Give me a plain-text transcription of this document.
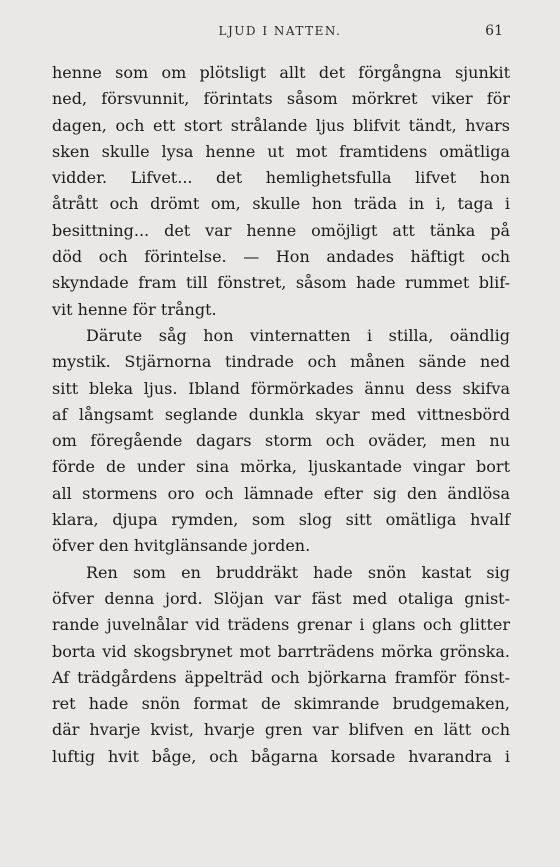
LJUD I NATTEN.	61
henne som om plötsligt allt det förgångna sjunkit
ned, försvunnit, förintats såsom mörkret viker för
dagen, och ett stort strålande ljus blifvit tändt, hvars
sken skulle lysa henne ut mot framtidens omätliga
vidder. Lifvet... det hemlighetsfulla lifvet hon
åtrått och drömt om, skulle hon träda in i, taga i
besittning... det var henne omöjligt att tänka på
död och förintelse. — Hon andades häftigt och
skyndade fram till fönstret, såsom hade rummet blif-
vit henne för trångt.
Därute såg hon vinternatten i stilla, oändlig
mystik. Stjärnorna tindrade och månen sände ned
sitt bleka ljus. Ibland förmörkades ännu dess skifva
af långsamt seglande dunkla skyar med vittnesbörd
om föregående dagars storm och oväder, men nu
förde de under sina mörka, ljuskantade vingar bort
all stormens oro och lämnade efter sig den ändlösa
klara, djupa rymden, som slog sitt omätliga hvalf
öfver den hvitglänsande jorden.
Ren som en bruddräkt hade snön kastat sig
öfver denna jord. Slöjan var fäst med otaliga gnist-
rande juvelnålar vid trädens grenar i glans och glitter
borta vid skogsbrynet mot barrträdens mörka grönska.
Af trädgårdens äppelträd och björkarna framför fönst-
ret hade snön format de skimrande brudgemaken,
där hvarje kvist, hvarje gren var blifven en lätt och
luftig hvit båge, och bågarna korsade hvarandra i
